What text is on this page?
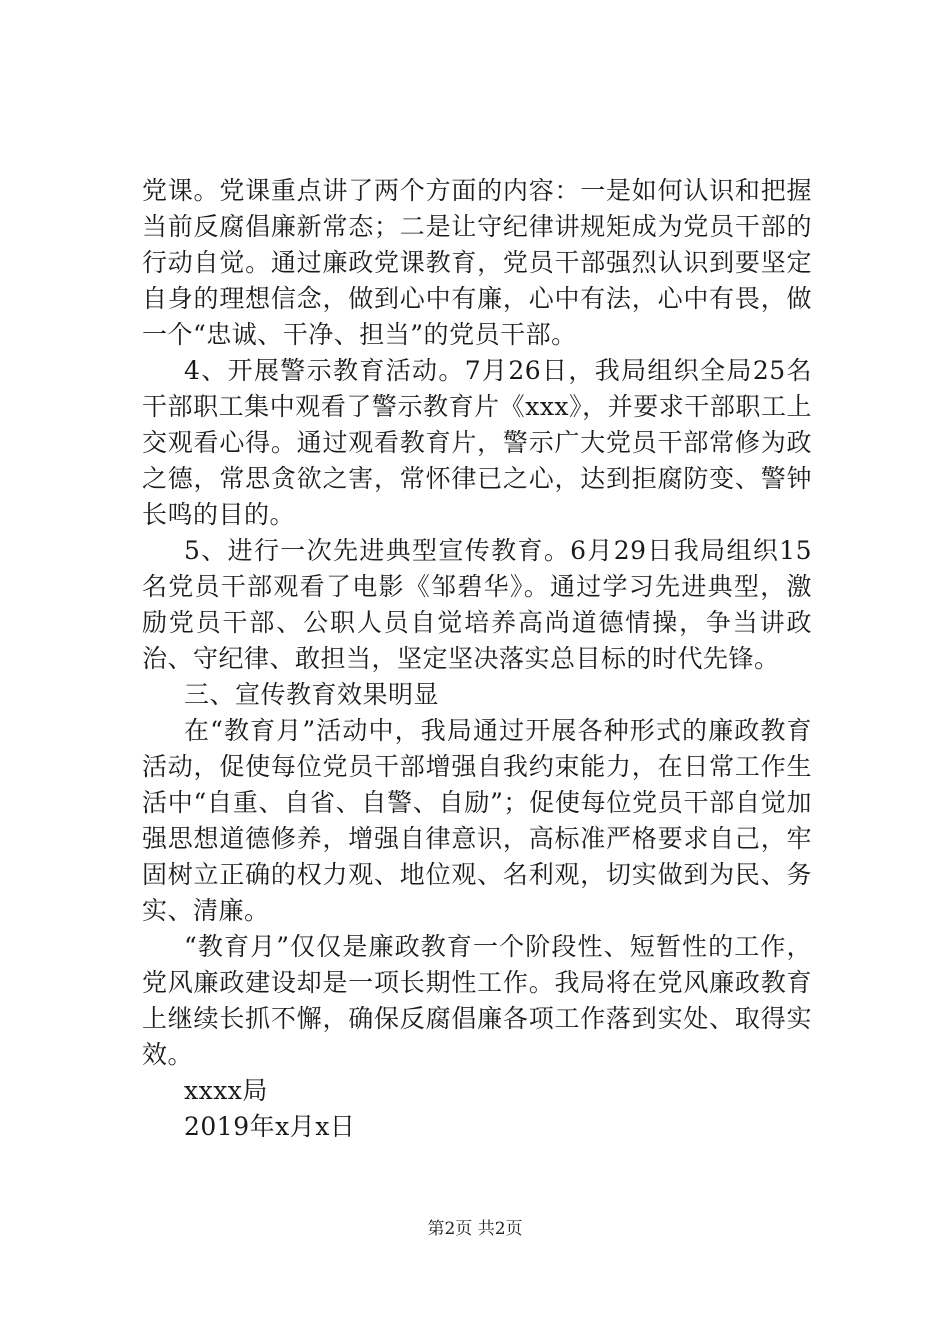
党课。党课重点讲了两个方面的内容：一是如何认识和把握当前反腐倡廉新常态；二是让守纪律讲规矩成为党员干部的行动自觉。通过廉政党课教育，党员干部强烈认识到要坚定自身的理想信念，做到心中有廉，心中有法，心中有畏，做一个“忠诚、干净、担当”的党员干部。

4、开展警示教育活动。7月26日，我局组织全局25名干部职工集中观看了警示教育片《xxx》，并要求干部职工上交观看心得。通过观看教育片，警示广大党员干部常修为政之德，常思贪欲之害，常怀律已之心，达到拒腐防变、警钟长鸣的目的。

5、进行一次先进典型宣传教育。6月29日我局组织15名党员干部观看了电影《邹碧华》。通过学习先进典型，激励党员干部、公职人员自觉培养高尚道德情操，争当讲政治、守纪律、敢担当，坚定坚决落实总目标的时代先锋。

三、宣传教育效果明显

在“教育月”活动中，我局通过开展各种形式的廉政教育活动，促使每位党员干部增强自我约束能力，在日常工作生活中“自重、自省、自警、自励”；促使每位党员干部自觉加强思想道德修养，增强自律意识，高标准严格要求自己，牢固树立正确的权力观、地位观、名利观，切实做到为民、务实、清廉。

“教育月”仅仅是廉政教育一个阶段性、短暂性的工作，党风廉政建设却是一项长期性工作。我局将在党风廉政教育上继续长抓不懈，确保反腐倡廉各项工作落到实处、取得实效。

xxxx局

2019年x月x日

第2页 共2页
